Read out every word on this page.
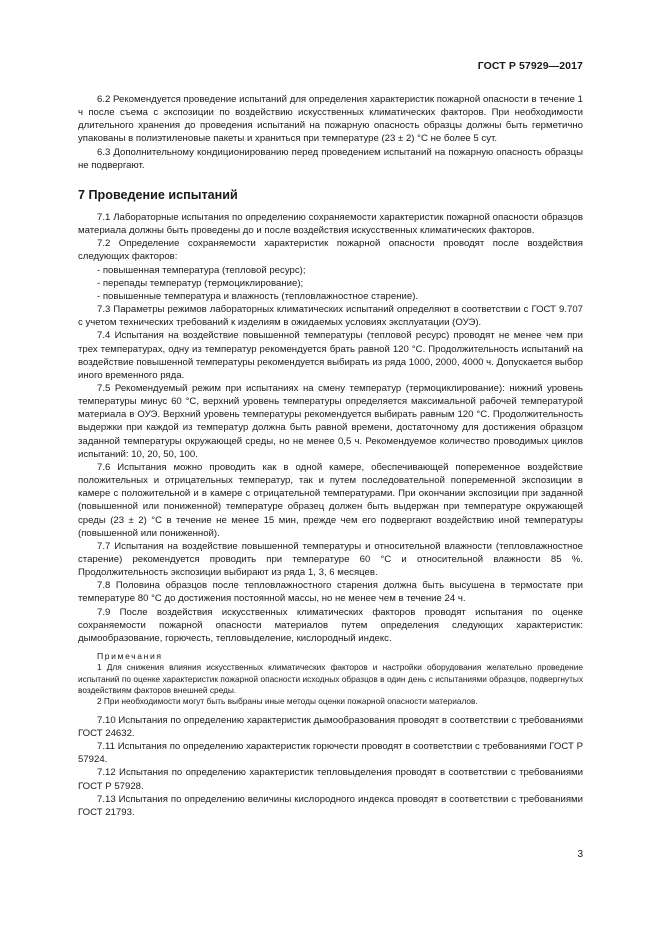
ГОСТ Р 57929—2017

6.2 Рекомендуется проведение испытаний для определения характеристик пожарной опасности в течение 1 ч после съема с экспозиции по воздействию искусственных климатических факторов. При необходимости длительного хранения до проведения испытаний на пожарную опасность образцы должны быть герметично упакованы в полиэтиленовые пакеты и храниться при температуре (23 ± 2) °С не более 5 сут.

6.3 Дополнительному кондиционированию перед проведением испытаний на пожарную опасность образцы не подвергают.

7 Проведение испытаний

7.1 Лабораторные испытания по определению сохраняемости характеристик пожарной опасности образцов материала должны быть проведены до и после воздействия искусственных климатических факторов.

7.2 Определение сохраняемости характеристик пожарной опасности проводят после воздействия следующих факторов:

- повышенная температура (тепловой ресурс);
- перепады температур (термоциклирование);
- повышенные температура и влажность (тепловлажностное старение).

7.3 Параметры режимов лабораторных климатических испытаний определяют в соответствии с ГОСТ 9.707 с учетом технических требований к изделиям в ожидаемых условиях эксплуатации (ОУЭ).

7.4 Испытания на воздействие повышенной температуры (тепловой ресурс) проводят не менее чем при трех температурах, одну из температур рекомендуется брать равной 120 °С. Продолжительность испытаний на воздействие повышенной температуры рекомендуется выбирать из ряда 1000, 2000, 4000 ч. Допускается выбор иного временного ряда.

7.5 Рекомендуемый режим при испытаниях на смену температур (термоциклирование): нижний уровень температуры минус 60 °С, верхний уровень температуры определяется максимальной рабочей температурой материала в ОУЭ. Верхний уровень температуры рекомендуется выбирать равным 120 °С. Продолжительность выдержки при каждой из температур должна быть равной времени, достаточному для достижения образцом заданной температуры окружающей среды, но не менее 0,5 ч. Рекомендуемое количество проводимых циклов испытаний: 10, 20, 50, 100.

7.6 Испытания можно проводить как в одной камере, обеспечивающей попеременное воздействие положительных и отрицательных температур, так и путем последовательной попеременной экспозиции в камере с положительной и в камере с отрицательной температурами. При окончании экспозиции при заданной (повышенной или пониженной) температуре образец должен быть выдержан при температуре окружающей среды (23 ± 2) °С в течение не менее 15 мин, прежде чем его подвергают воздействию иной температуры (повышенной или пониженной).

7.7 Испытания на воздействие повышенной температуры и относительной влажности (тепловлажностное старение) рекомендуется проводить при температуре 60 °С и относительной влажности 85 %. Продолжительность экспозиции выбирают из ряда 1, 3, 6 месяцев.

7.8 Половина образцов после тепловлажностного старения должна быть высушена в термостате при температуре 80 °С до достижения постоянной массы, но не менее чем в течение 24 ч.

7.9 После воздействия искусственных климатических факторов проводят испытания по оценке сохраняемости пожарной опасности материалов путем определения следующих характеристик: дымообразование, горючесть, тепловыделение, кислородный индекс.

Примечания

1 Для снижения влияния искусственных климатических факторов и настройки оборудования желательно проведение испытаний по оценке характеристик пожарной опасности исходных образцов в один день с испытаниями образцов, подвергнутых воздействиям факторов внешней среды.

2 При необходимости могут быть выбраны иные методы оценки пожарной опасности материалов.

7.10 Испытания по определению характеристик дымообразования проводят в соответствии с требованиями ГОСТ 24632.

7.11 Испытания по определению характеристик горючести проводят в соответствии с требованиями ГОСТ Р 57924.

7.12 Испытания по определению характеристик тепловыделения проводят в соответствии с требованиями ГОСТ Р 57928.

7.13 Испытания по определению величины кислородного индекса проводят в соответствии с требованиями ГОСТ 21793.

3
